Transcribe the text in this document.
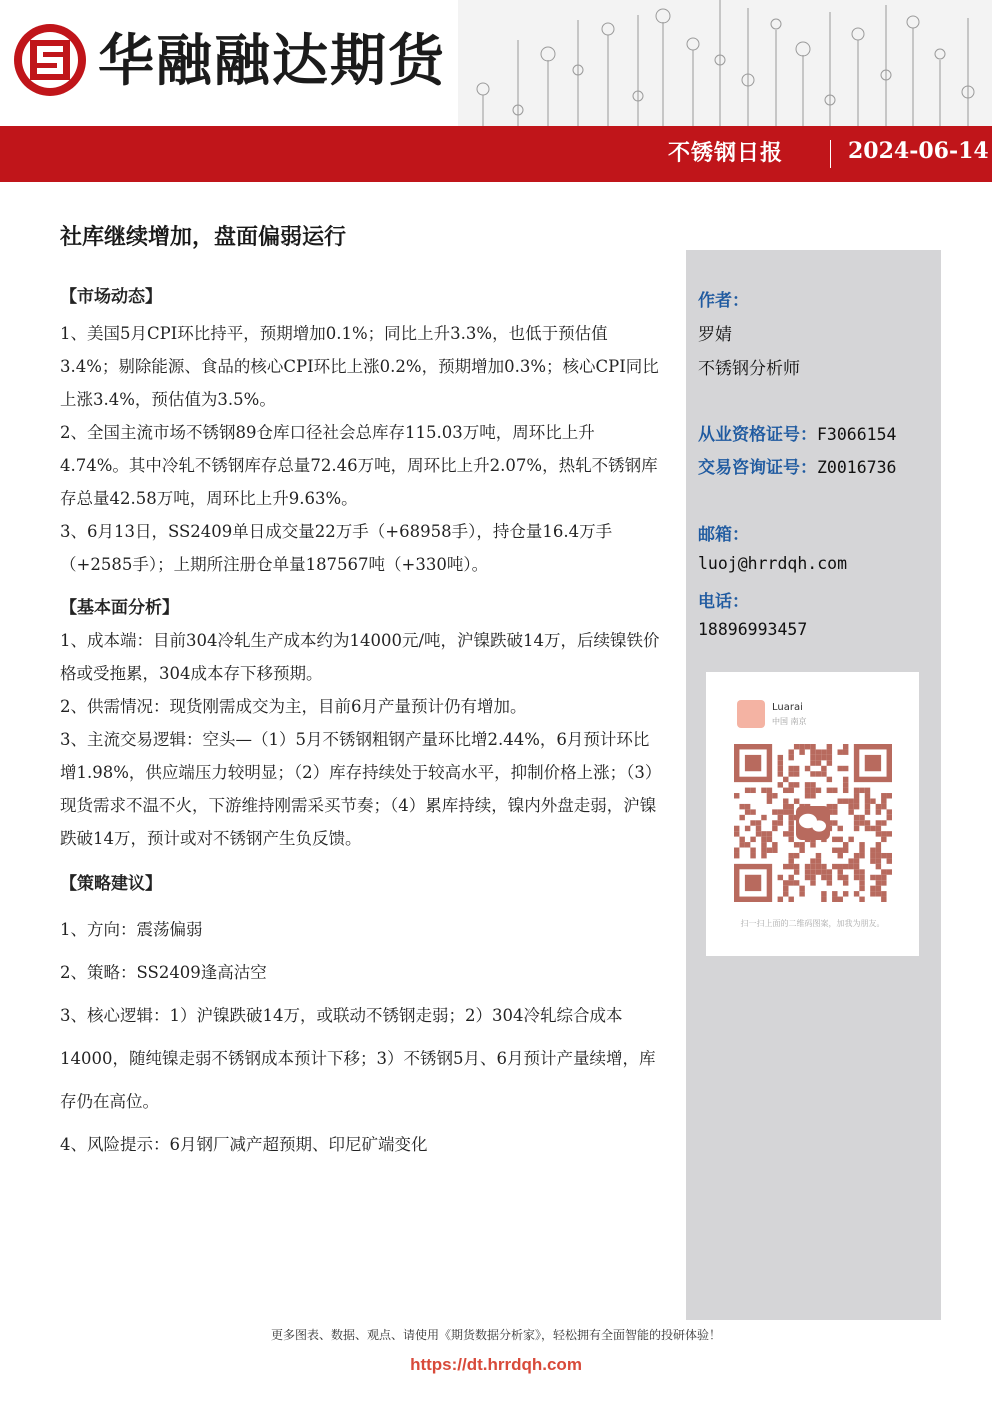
华融融达期货
不锈钢日报	2024-06-14
社库继续增加，盘面偏弱运行

【市场动态】

1、美国5月CPI环比持平，预期增加0.1%；同比上升3.3%，也低于预估值3.4%；剔除能源、食品的核心CPI环比上涨0.2%，预期增加0.3%；核心CPI同比上涨3.4%，预估值为3.5%。

2、全国主流市场不锈钢89仓库口径社会总库存115.03万吨，周环比上升4.74%。其中冷轧不锈钢库存总量72.46万吨，周环比上升2.07%，热轧不锈钢库存总量42.58万吨，周环比上升9.63%。

3、6月13日，SS2409单日成交量22万手（+68958手），持仓量16.4万手（+2585手）；上期所注册仓单量187567吨（+330吨）。

【基本面分析】

1、成本端：目前304冷轧生产成本约为14000元/吨，沪镍跌破14万，后续镍铁价格或受拖累，304成本存下移预期。

2、供需情况：现货刚需成交为主，目前6月产量预计仍有增加。

3、主流交易逻辑：空头—（1）5月不锈钢粗钢产量环比增2.44%，6月预计环比增1.98%，供应端压力较明显；（2）库存持续处于较高水平，抑制价格上涨；（3）现货需求不温不火，下游维持刚需采买节奏；（4）累库持续，镍内外盘走弱，沪镍跌破14万，预计或对不锈钢产生负反馈。

【策略建议】

1、方向：震荡偏弱

2、策略：SS2409逢高沽空

3、核心逻辑：1）沪镍跌破14万，或联动不锈钢走弱；2）304冷轧综合成本14000，随纯镍走弱不锈钢成本预计下移；3）不锈钢5月、6月预计产量续增，库存仍在高位。

4、风险提示：6月钢厂减产超预期、印尼矿端变化

作者：
罗婧
不锈钢分析师
从业资格证号：F3066154
交易咨询证号：Z0016736
邮箱：
luoj@hrrdqh.com
电话：
18896993457
Luarai
中国 南京
扫一扫上面的二维码图案，加我为朋友。
更多图表、数据、观点、请使用《期货数据分析家》，轻松拥有全面智能的投研体验！
https://dt.hrrdqh.com
